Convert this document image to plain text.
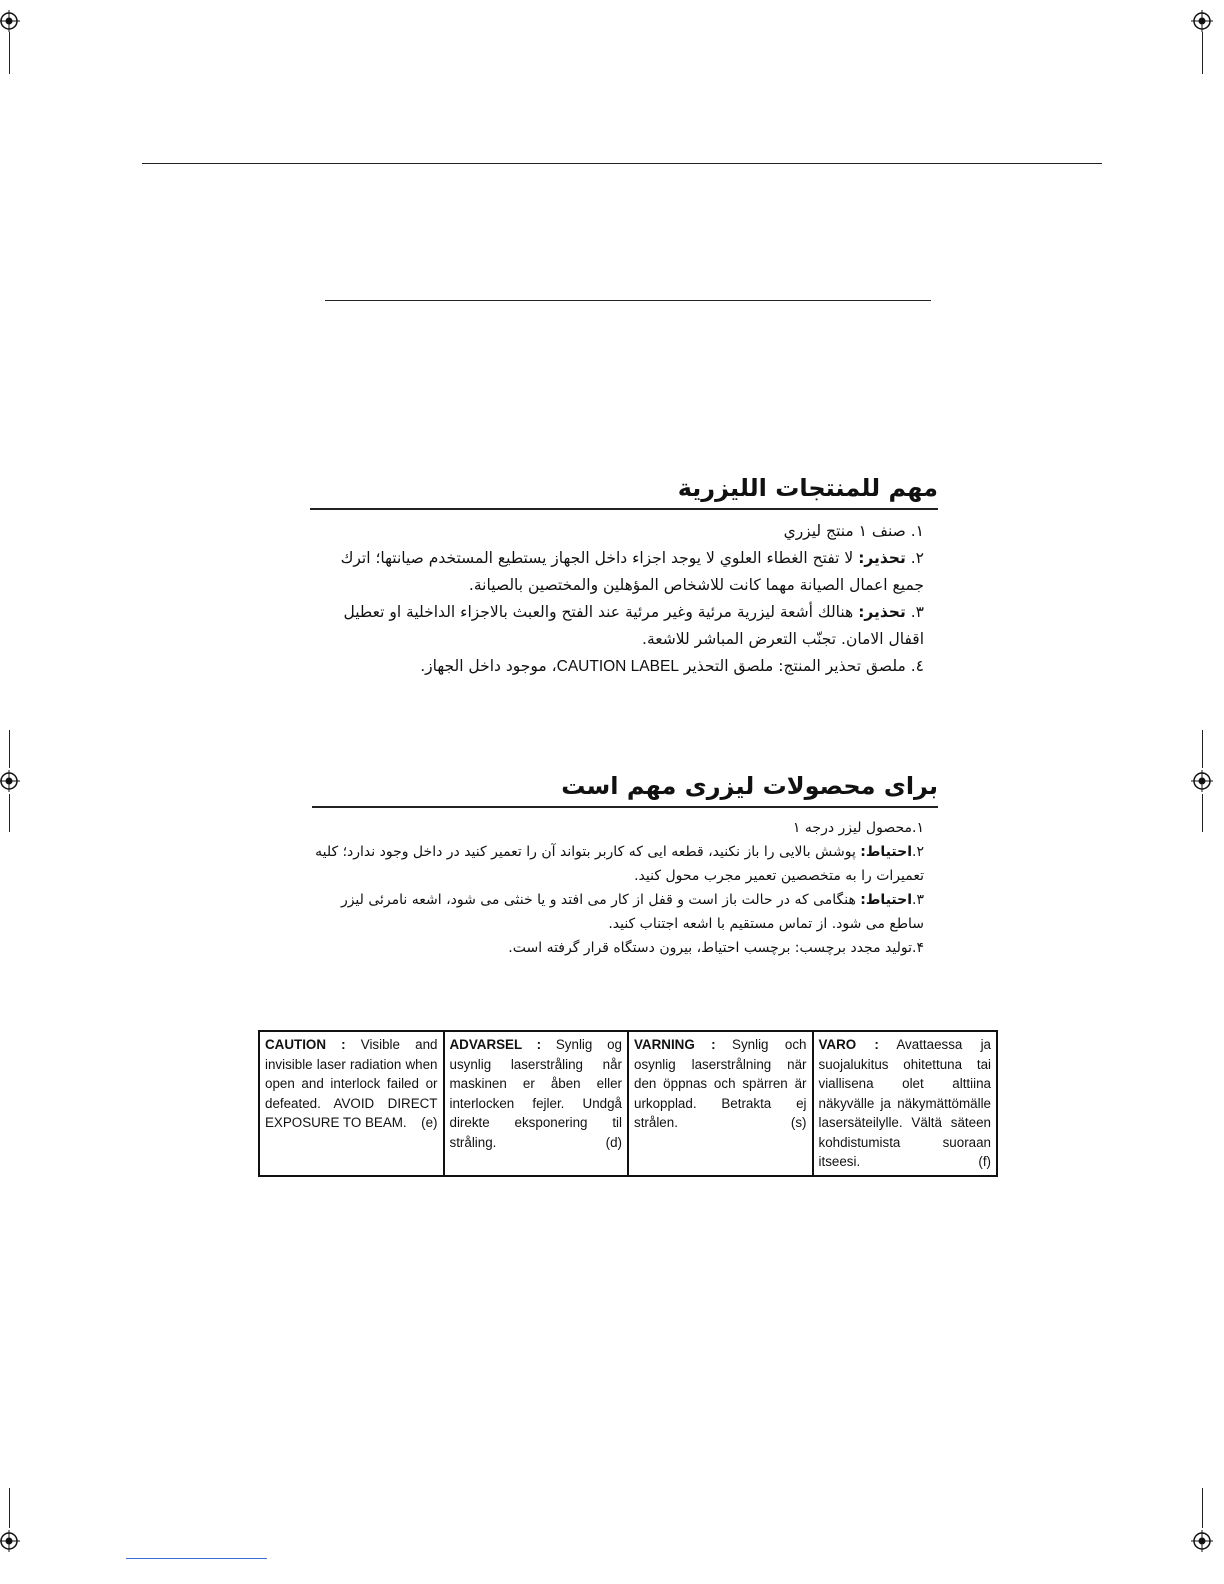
مهم للمنتجات الليزرية
١. صنف ١ منتج ليزري
٢. تحذير: لا تفتح الغطاء العلوي لا يوجد اجزاء داخل الجهاز يستطيع المستخدم صيانتها؛ اترك جميع اعمال الصيانة مهما كانت للاشخاص المؤهلين والمختصين بالصيانة.
٣. تحذير: هنالك أشعة ليزرية مرئية وغير مرئية عند الفتح والعبث بالاجزاء الداخلية او تعطيل اقفال الامان. تجنّب التعرض المباشر للاشعة.
٤. ملصق تحذير المنتج: ملصق التحذير CAUTION LABEL، موجود داخل الجهاز.
برای محصولات ليزری مهم است
۱.محصول ليزر درجه ۱
۲.احتياط: پوشش بالايی را باز نكنيد، قطعه ايی كه كاربر بتواند آن را تعمير كنيد در داخل وجود ندارد؛ كليه تعميرات را به متخصصين تعمير مجرب محول كنيد.
۳.احتياط: هنگامی كه در حالت باز است و قفل از كار می افتد و يا خنثی می شود، اشعه نامرئی ليزر ساطع می شود. از تماس مستقيم با اشعه اجتناب كنيد.
۴.توليد مجدد برچسب: برچسب احتياط، بيرون دستگاه قرار گرفته است.
CAUTION : Visible and invisible laser radiation when open and interlock failed or defeated. AVOID DIRECT EXPOSURE TO BEAM. (e)
	ADVARSEL : Synlig og usynlig laserstråling når maskinen er åben eller interlocken fejler. Undgå direkte eksponering til stråling.	(d)
	VARNING : Synlig och osynlig laserstrålning när den öppnas och spärren är urkopplad. Betrakta ej strålen.	(s)
	VARO : Avattaessa ja suojalukitus ohitettuna tai viallisena olet alttiina näkyvälle ja näkymättömälle lasersäteilylle. Vältä säteen kohdistumista suoraan itseesi.	(f)
